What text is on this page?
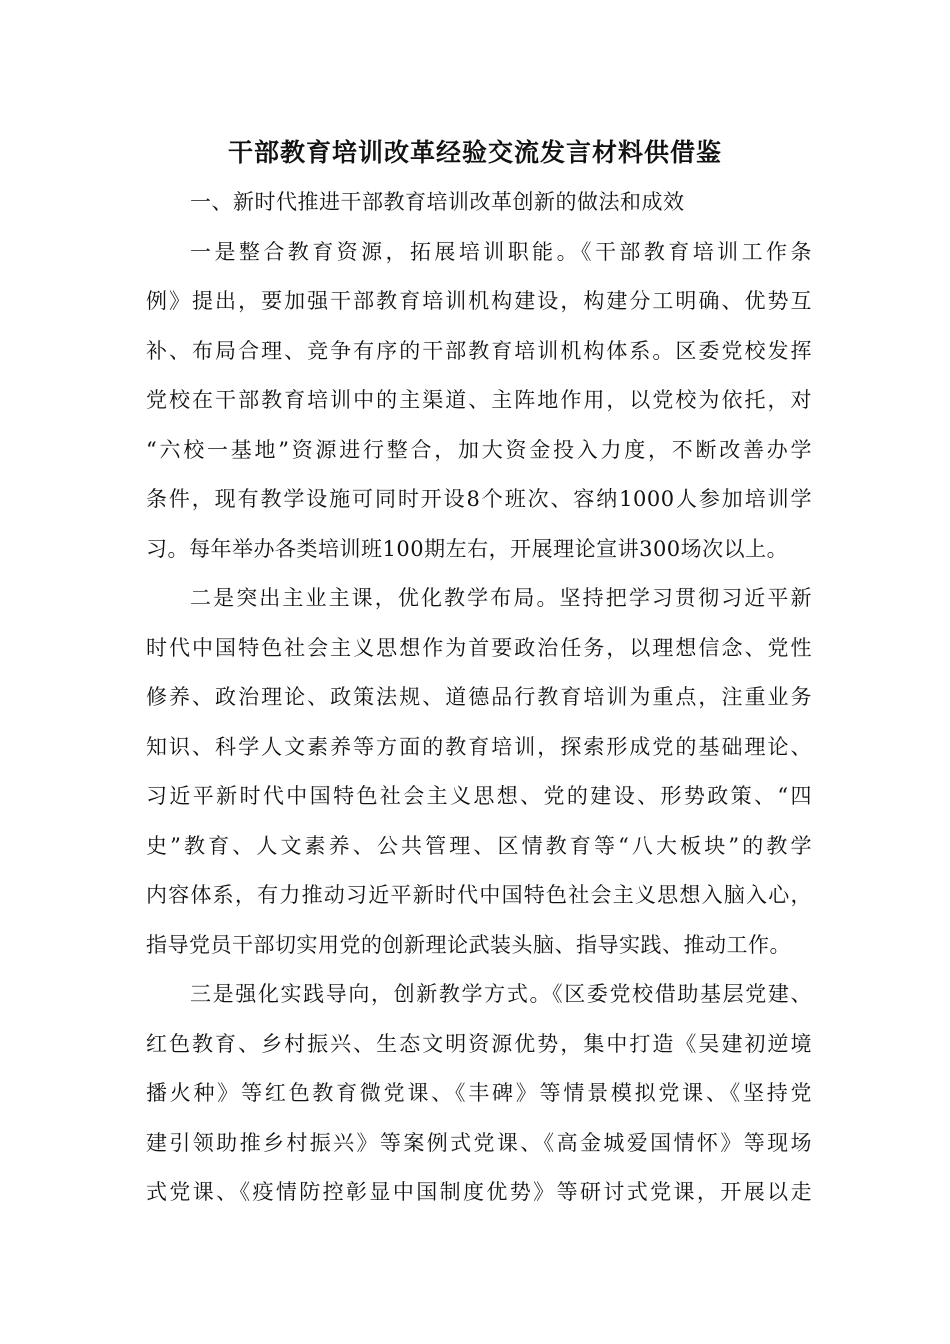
干部教育培训改革经验交流发言材料供借鉴
一、新时代推进干部教育培训改革创新的做法和成效
一是整合教育资源，拓展培训职能。《干部教育培训工作条
例》提出，要加强干部教育培训机构建设，构建分工明确、优势互
补、布局合理、竞争有序的干部教育培训机构体系。区委党校发挥
党校在干部教育培训中的主渠道、主阵地作用，以党校为依托，对
“六校一基地”资源进行整合，加大资金投入力度，不断改善办学
条件，现有教学设施可同时开设8个班次、容纳1000人参加培训学
习。每年举办各类培训班100期左右，开展理论宣讲300场次以上。
二是突出主业主课，优化教学布局。坚持把学习贯彻习近平新
时代中国特色社会主义思想作为首要政治任务，以理想信念、党性
修养、政治理论、政策法规、道德品行教育培训为重点，注重业务
知识、科学人文素养等方面的教育培训，探索形成党的基础理论、
习近平新时代中国特色社会主义思想、党的建设、形势政策、“四
史”教育、人文素养、公共管理、区情教育等“八大板块”的教学
内容体系，有力推动习近平新时代中国特色社会主义思想入脑入心，
指导党员干部切实用党的创新理论武装头脑、指导实践、推动工作。
三是强化实践导向，创新教学方式。《区委党校借助基层党建、
红色教育、乡村振兴、生态文明资源优势，集中打造《吴建初逆境
播火种》等红色教育微党课、《丰碑》等情景模拟党课、《坚持党
建引领助推乡村振兴》等案例式党课、《高金城爱国情怀》等现场
式党课、《疫情防控彰显中国制度优势》等研讨式党课，开展以走
